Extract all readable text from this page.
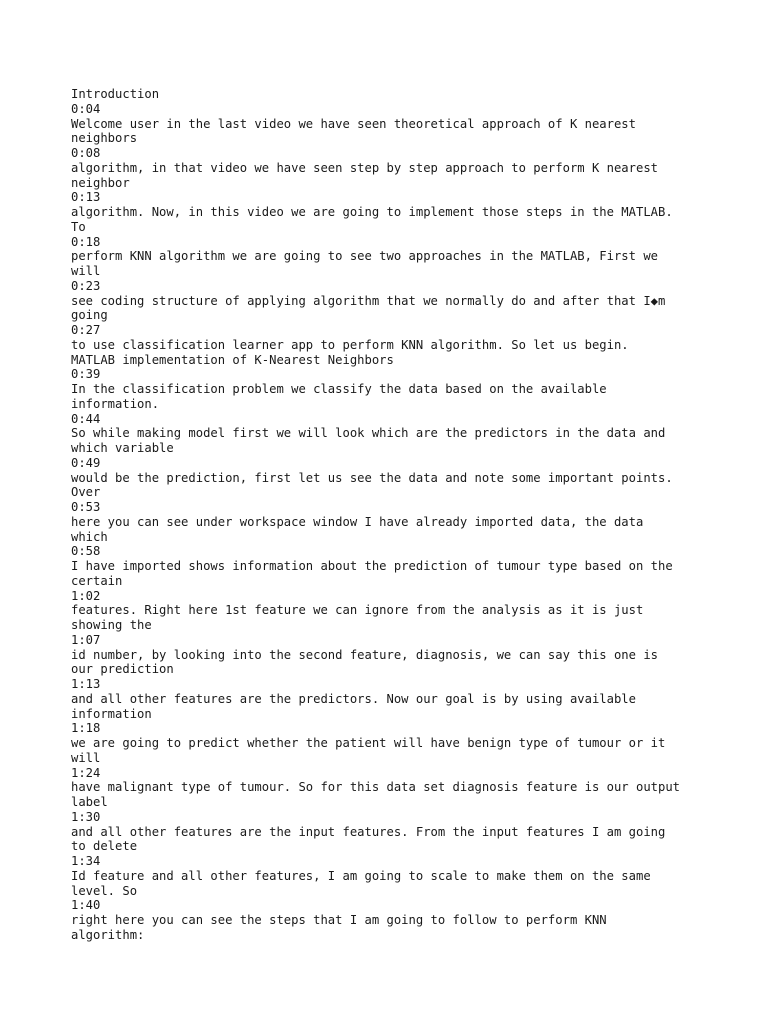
Introduction
0:04
Welcome user in the last video we have seen theoretical approach of K nearest
neighbors
0:08
algorithm, in that video we have seen step by step approach to perform K nearest
neighbor
0:13
algorithm. Now, in this video we are going to implement those steps in the MATLAB.
To
0:18
perform KNN algorithm we are going to see two approaches in the MATLAB, First we
will
0:23
see coding structure of applying algorithm that we normally do and after that I◆m
going
0:27
to use classification learner app to perform KNN algorithm. So let us begin.
MATLAB implementation of K-Nearest Neighbors
0:39
In the classification problem we classify the data based on the available
information.
0:44
So while making model first we will look which are the predictors in the data and
which variable
0:49
would be the prediction, first let us see the data and note some important points.
Over
0:53
here you can see under workspace window I have already imported data, the data
which
0:58
I have imported shows information about the prediction of tumour type based on the
certain
1:02
features. Right here 1st feature we can ignore from the analysis as it is just
showing the
1:07
id number, by looking into the second feature, diagnosis, we can say this one is
our prediction
1:13
and all other features are the predictors. Now our goal is by using available
information
1:18
we are going to predict whether the patient will have benign type of tumour or it
will
1:24
have malignant type of tumour. So for this data set diagnosis feature is our output
label
1:30
and all other features are the input features. From the input features I am going
to delete
1:34
Id feature and all other features, I am going to scale to make them on the same
level. So
1:40
right here you can see the steps that I am going to follow to perform KNN
algorithm:
